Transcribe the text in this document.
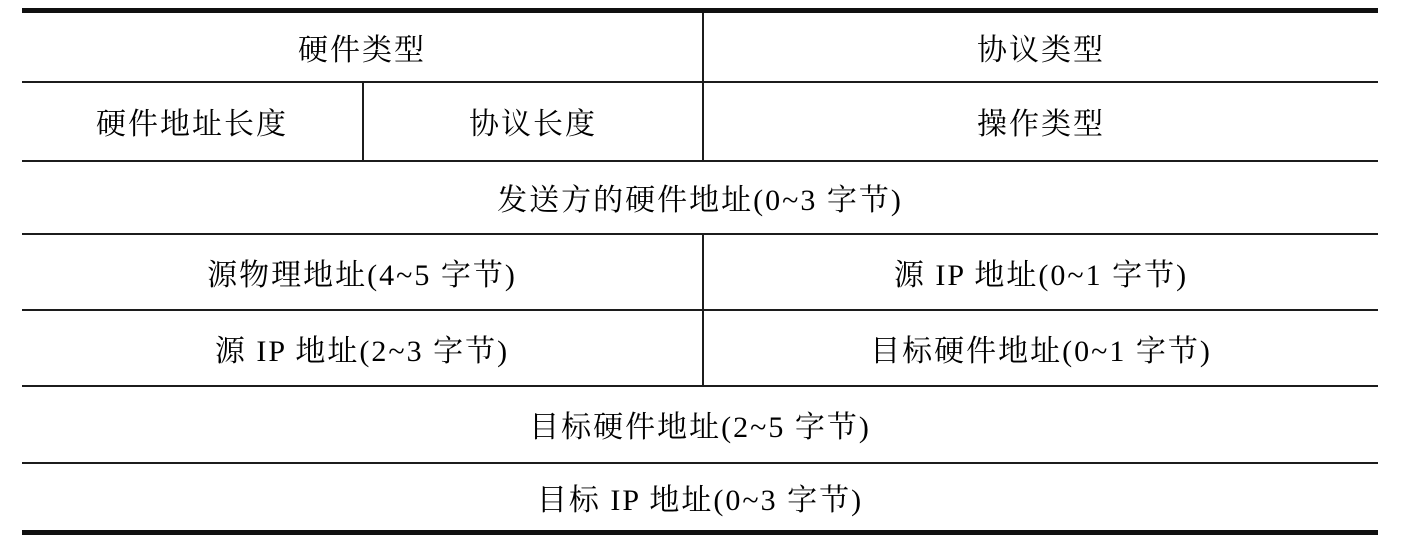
硬件类型		协议类型
硬件地址长度	协议长度	操作类型
发送方的硬件地址(0~3 字节)		
源物理地址(4~5 字节)		源 IP 地址(0~1 字节)
源 IP 地址(2~3 字节)		目标硬件地址(0~1 字节)
目标硬件地址(2~5 字节)		
目标 IP 地址(0~3 字节)		
